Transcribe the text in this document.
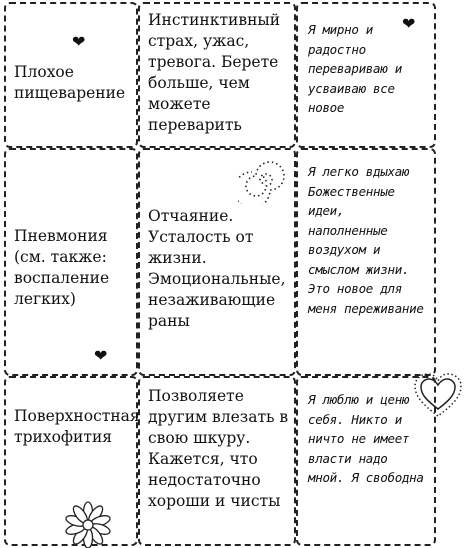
❤
Плохое пищеварение
Инстинктивный страх, ужас, тревога. Берете больше, чем можете переварить
❤
Я мирно и радостно перевариваю и усваиваю все новое
Пневмония (см. также: воспаление легких)
❤
Отчаяние. Усталость от жизни. Эмоциональные, незаживающие раны
Я легко вдыхаю Божественные идеи, наполненные воздухом и смыслом жизни. Это новое для меня переживание
Поверхностная трихофития
Позволяете другим влезать в свою шкуру. Кажется, что недостаточно хороши и чисты
Я люблю и ценю себя. Никто и ничто не имеет власти надо мной. Я свободна
